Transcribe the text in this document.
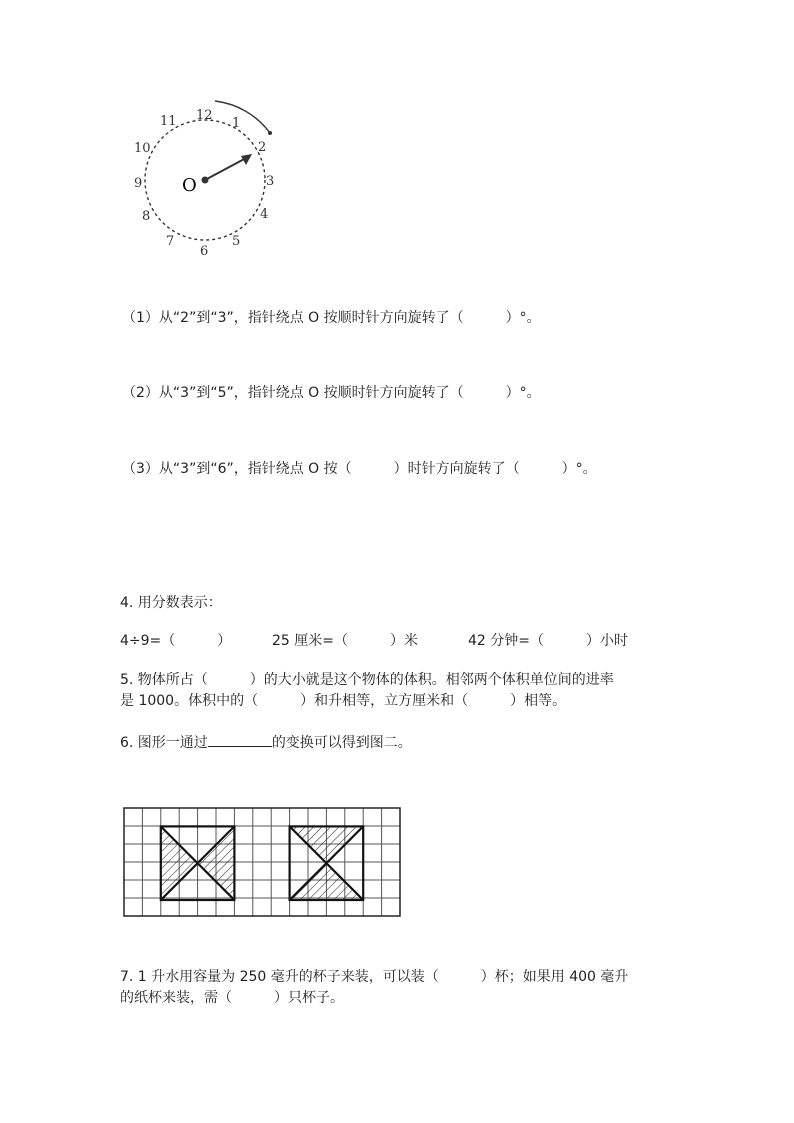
O
12
1
2
3
4
5
6
7
8
9
10
11
（1）从“2”到“3”，指针绕点 O 按顺时针方向旋转了（　　　）°。
（2）从“3”到“5”，指针绕点 O 按顺时针方向旋转了（　　　）°。
（3）从“3”到“6”，指针绕点 O 按（　　　）时针方向旋转了（　　　）°。
4. 用分数表示：
4÷9=（　　　）	25 厘米=（　　　）米	42 分钟=（　　　）小时
5. 物体所占（　　　）的大小就是这个物体的体积。相邻两个体积单位间的进率
是 1000。体积中的（　　　）和升相等，立方厘米和（　　　）相等。
6. 图形一通过	的变换可以得到图二。
7. 1 升水用容量为 250 毫升的杯子来装，可以装（　　　）杯；如果用 400 毫升
的纸杯来装，需（　　　）只杯子。
